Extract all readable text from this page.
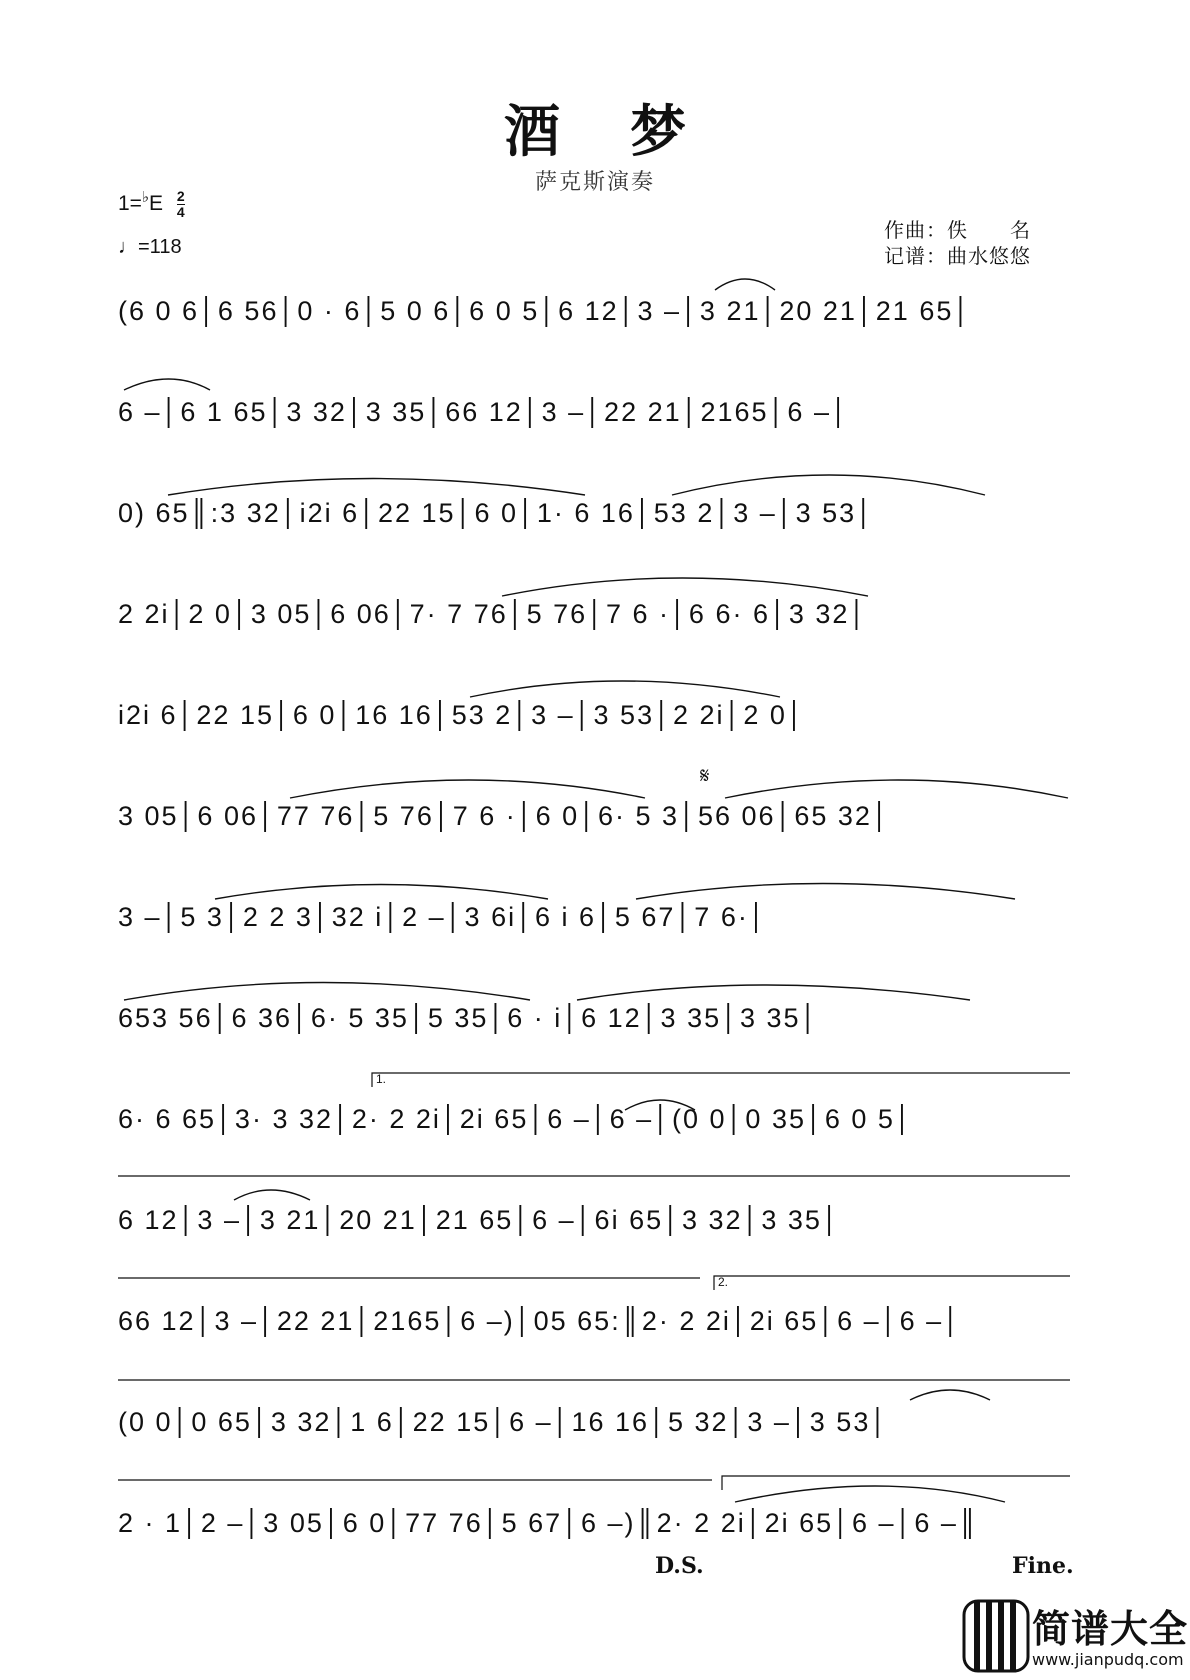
酒梦
萨克斯演奏
$1=^♭E \frac{2}{4}$
♩=118
作曲：佚　　名
记谱：曲水悠悠
(6 0 6│6 56│0 · 6│5 0 6│6 0 5│6 12│3 –│3 21│20 21│21 65│
6 –│6 1 65│3 32│3 35│66 12│3 –│22 21│2165│6 –│
0) 65║:3 32│i2i 6│22 15│6 0│1· 6 16│53 2│3 –│3 53│
2 2i│2 0│3 05│6 06│7· 7 76│5 76│7 6 ·│6 6· 6│3 32│
i2i 6│22 15│6 0│16 16│53 2│3 –│3 53│2 2i│2 0│
3 05│6 06│77 76│5 76│7 6 ·│6 0│6· 5 3│56 06│65 32│
3 –│5 3│2 2 3│32 i│2 –│3 6i│6 i 6│5 67│7 6·│
653 56│6 36│6· 5 35│5 35│6 · i│6 12│3 35│3 35│
6· 6 65│3· 3 32│2· 2 2i│2i 65│6 –│6 –│(0 0│0 35│6 0 5│
6 12│3 –│3 21│20 21│21 65│6 –│6i 65│3 32│3 35│
66 12│3 –│22 21│2165│6 –)│05 65:║2· 2 2i│2i 65│6 –│6 –│
(0 0│0 65│3 32│1 6│22 15│6 –│16 16│5 32│3 –│3 53│
2 · 1│2 –│3 05│6 0│77 76│5 67│6 –)║2· 2 2i│2i 65│6 –│6 –║
1.
2.
𝄋
D.S.	Fine.
简谱大全
www.jianpudq.com
